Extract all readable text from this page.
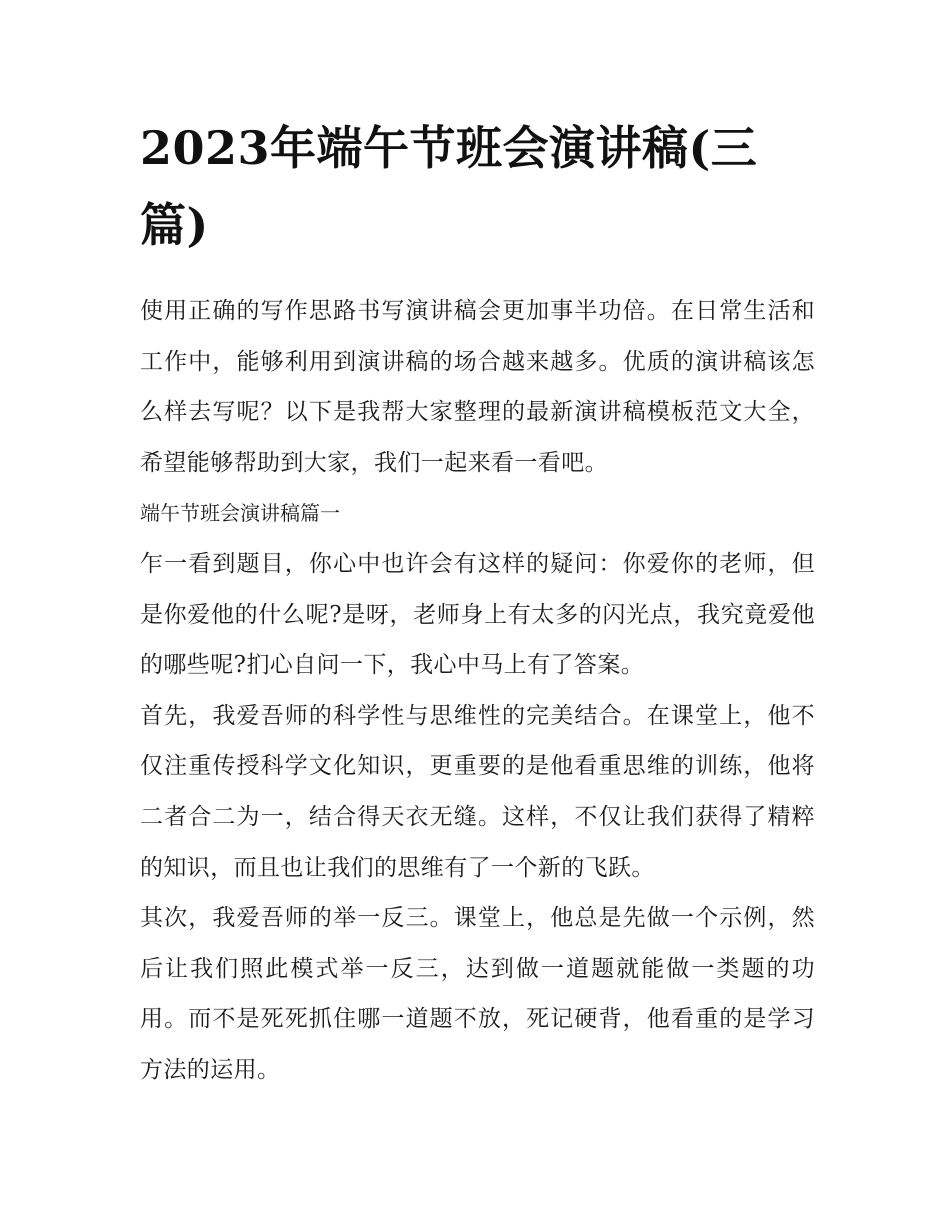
2023年端午节班会演讲稿(三篇)

使用正确的写作思路书写演讲稿会更加事半功倍。在日常生活和工作中，能够利用到演讲稿的场合越来越多。优质的演讲稿该怎么样去写呢？以下是我帮大家整理的最新演讲稿模板范文大全，希望能够帮助到大家，我们一起来看一看吧。

端午节班会演讲稿篇一

乍一看到题目，你心中也许会有这样的疑问：你爱你的老师，但是你爱他的什么呢?是呀，老师身上有太多的闪光点，我究竟爱他的哪些呢?扪心自问一下，我心中马上有了答案。

首先，我爱吾师的科学性与思维性的完美结合。在课堂上，他不仅注重传授科学文化知识，更重要的是他看重思维的训练，他将二者合二为一，结合得天衣无缝。这样，不仅让我们获得了精粹的知识，而且也让我们的思维有了一个新的飞跃。

其次，我爱吾师的举一反三。课堂上，他总是先做一个示例，然后让我们照此模式举一反三，达到做一道题就能做一类题的功用。而不是死死抓住哪一道题不放，死记硬背，他看重的是学习方法的运用。
